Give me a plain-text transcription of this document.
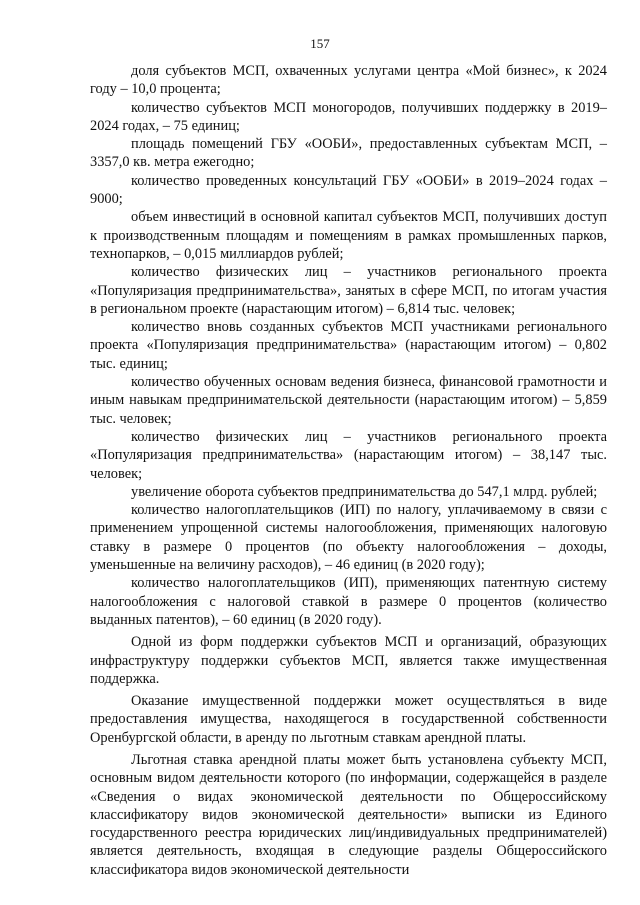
157

доля субъектов МСП, охваченных услугами центра «Мой бизнес», к 2024 году – 10,0 процента;

количество субъектов МСП моногородов, получивших поддержку в 2019–2024 годах, – 75 единиц;

площадь помещений ГБУ «ООБИ», предоставленных субъектам МСП, – 3357,0 кв. метра ежегодно;

количество проведенных консультаций ГБУ «ООБИ» в 2019–2024 годах – 9000;

объем инвестиций в основной капитал субъектов МСП, получивших доступ к производственным площадям и помещениям в рамках промышленных парков, технопарков, – 0,015 миллиардов рублей;

количество физических лиц – участников регионального проекта «Популяризация предпринимательства», занятых в сфере МСП, по итогам участия в региональном проекте (нарастающим итогом) – 6,814 тыс. человек;

количество вновь созданных субъектов МСП участниками регионального проекта «Популяризация предпринимательства» (нарастающим итогом) – 0,802 тыс. единиц;

количество обученных основам ведения бизнеса, финансовой грамотности и иным навыкам предпринимательской деятельности (нарастающим итогом) – 5,859 тыс. человек;

количество физических лиц – участников регионального проекта «Популяризация предпринимательства» (нарастающим итогом) – 38,147 тыс. человек;

увеличение оборота субъектов предпринимательства до 547,1 млрд. рублей;

количество налогоплательщиков (ИП) по налогу, уплачиваемому в связи с применением упрощенной системы налогообложения, применяющих налоговую ставку в размере 0 процентов (по объекту налогообложения – доходы, уменьшенные на величину расходов), – 46 единиц (в 2020 году);

количество налогоплательщиков (ИП), применяющих патентную систему налогообложения с налоговой ставкой в размере 0 процентов (количество выданных патентов), – 60 единиц (в 2020 году).

Одной из форм поддержки субъектов МСП и организаций, образующих инфраструктуру поддержки субъектов МСП, является также имущественная поддержка.

Оказание имущественной поддержки может осуществляться в виде предоставления имущества, находящегося в государственной собственности Оренбургской области, в аренду по льготным ставкам арендной платы.

Льготная ставка арендной платы может быть установлена субъекту МСП, основным видом деятельности которого (по информации, содержащейся в разделе «Сведения о видах экономической деятельности по Общероссийскому классификатору видов экономической деятельности» выписки из Единого государственного реестра юридических лиц/индивидуальных предпринимателей) является деятельность, входящая в следующие разделы Общероссийского классификатора видов экономической деятельности
